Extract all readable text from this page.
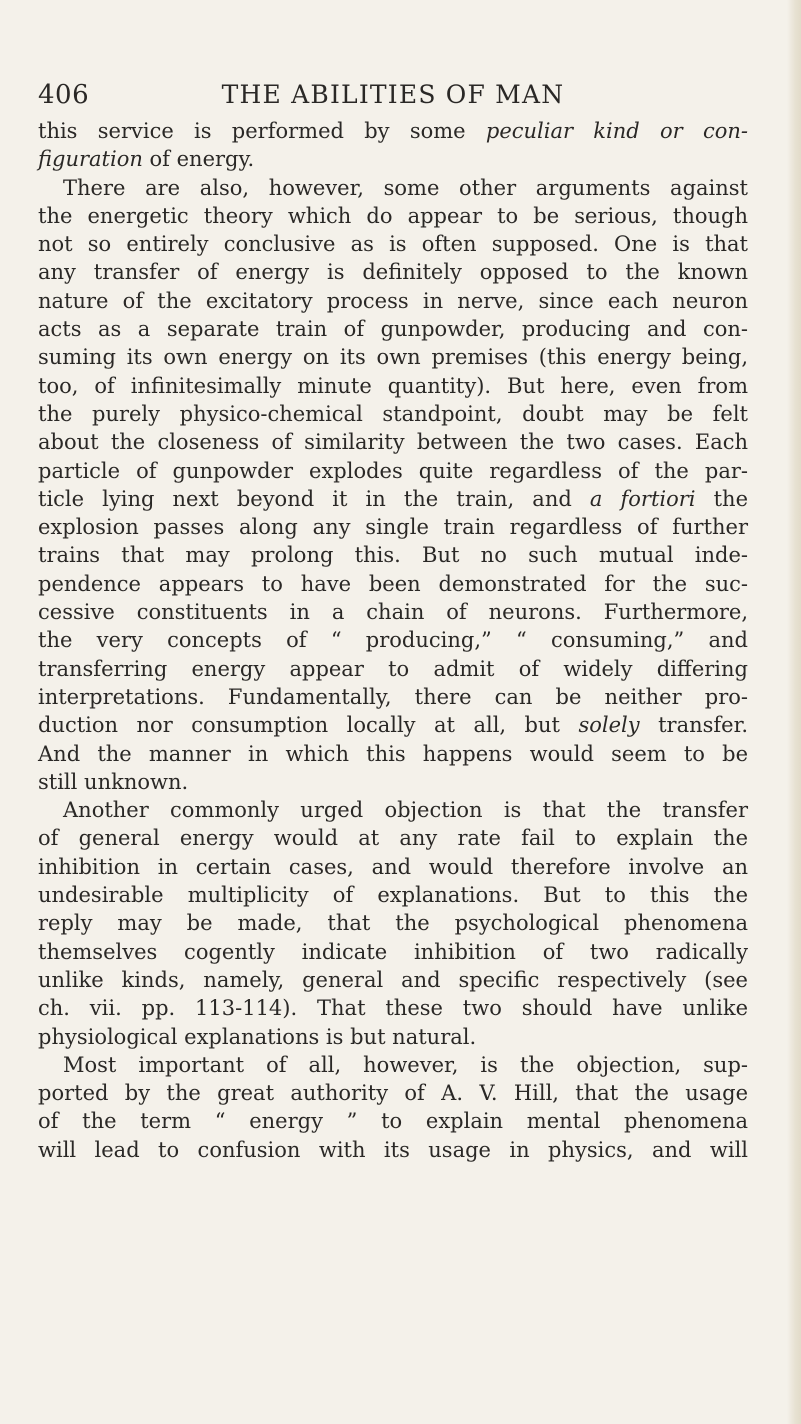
406	THE ABILITIES OF MAN
this service is performed by some peculiar kind or con-
figuration of energy.
There are also, however, some other arguments against
the energetic theory which do appear to be serious, though
not so entirely conclusive as is often supposed. One is that
any transfer of energy is definitely opposed to the known
nature of the excitatory process in nerve, since each neuron
acts as a separate train of gunpowder, producing and con-
suming its own energy on its own premises (this energy being,
too, of infinitesimally minute quantity). But here, even from
the purely physico-chemical standpoint, doubt may be felt
about the closeness of similarity between the two cases. Each
particle of gunpowder explodes quite regardless of the par-
ticle lying next beyond it in the train, and a fortiori the
explosion passes along any single train regardless of further
trains that may prolong this. But no such mutual inde-
pendence appears to have been demonstrated for the suc-
cessive constituents in a chain of neurons. Furthermore,
the very concepts of “ producing,” “ consuming,” and
transferring energy appear to admit of widely differing
interpretations. Fundamentally, there can be neither pro-
duction nor consumption locally at all, but solely transfer.
And the manner in which this happens would seem to be
still unknown.
Another commonly urged objection is that the transfer
of general energy would at any rate fail to explain the
inhibition in certain cases, and would therefore involve an
undesirable multiplicity of explanations. But to this the
reply may be made, that the psychological phenomena
themselves cogently indicate inhibition of two radically
unlike kinds, namely, general and specific respectively (see
ch. vii. pp. 113-114). That these two should have unlike
physiological explanations is but natural.
Most important of all, however, is the objection, sup-
ported by the great authority of A. V. Hill, that the usage
of the term “ energy ” to explain mental phenomena
will lead to confusion with its usage in physics, and will
